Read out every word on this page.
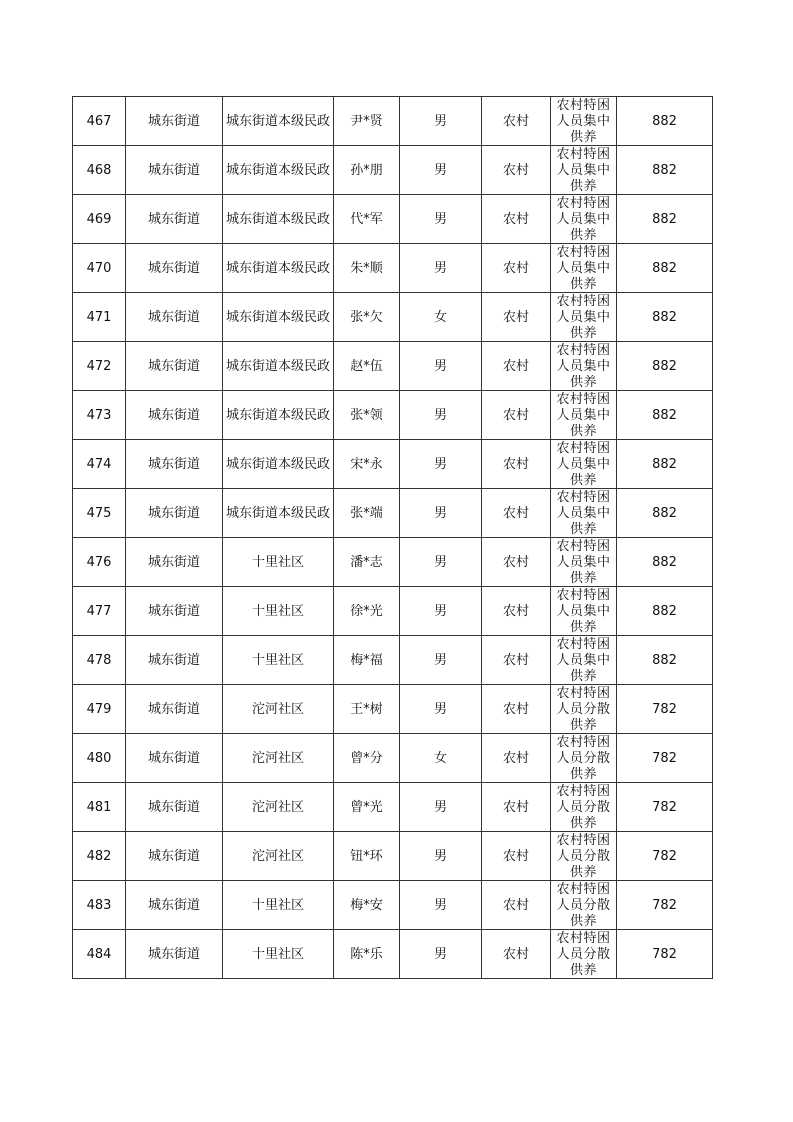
467	城东街道	城东街道本级民政	尹*贤	男	农村	农村特困人员集中供养	882
468	城东街道	城东街道本级民政	孙*朋	男	农村	农村特困人员集中供养	882
469	城东街道	城东街道本级民政	代*军	男	农村	农村特困人员集中供养	882
470	城东街道	城东街道本级民政	朱*顺	男	农村	农村特困人员集中供养	882
471	城东街道	城东街道本级民政	张*欠	女	农村	农村特困人员集中供养	882
472	城东街道	城东街道本级民政	赵*伍	男	农村	农村特困人员集中供养	882
473	城东街道	城东街道本级民政	张*领	男	农村	农村特困人员集中供养	882
474	城东街道	城东街道本级民政	宋*永	男	农村	农村特困人员集中供养	882
475	城东街道	城东街道本级民政	张*端	男	农村	农村特困人员集中供养	882
476	城东街道	十里社区	潘*志	男	农村	农村特困人员集中供养	882
477	城东街道	十里社区	徐*光	男	农村	农村特困人员集中供养	882
478	城东街道	十里社区	梅*福	男	农村	农村特困人员集中供养	882
479	城东街道	沱河社区	王*树	男	农村	农村特困人员分散供养	782
480	城东街道	沱河社区	曾*分	女	农村	农村特困人员分散供养	782
481	城东街道	沱河社区	曾*光	男	农村	农村特困人员分散供养	782
482	城东街道	沱河社区	钮*环	男	农村	农村特困人员分散供养	782
483	城东街道	十里社区	梅*安	男	农村	农村特困人员分散供养	782
484	城东街道	十里社区	陈*乐	男	农村	农村特困人员分散供养	782
